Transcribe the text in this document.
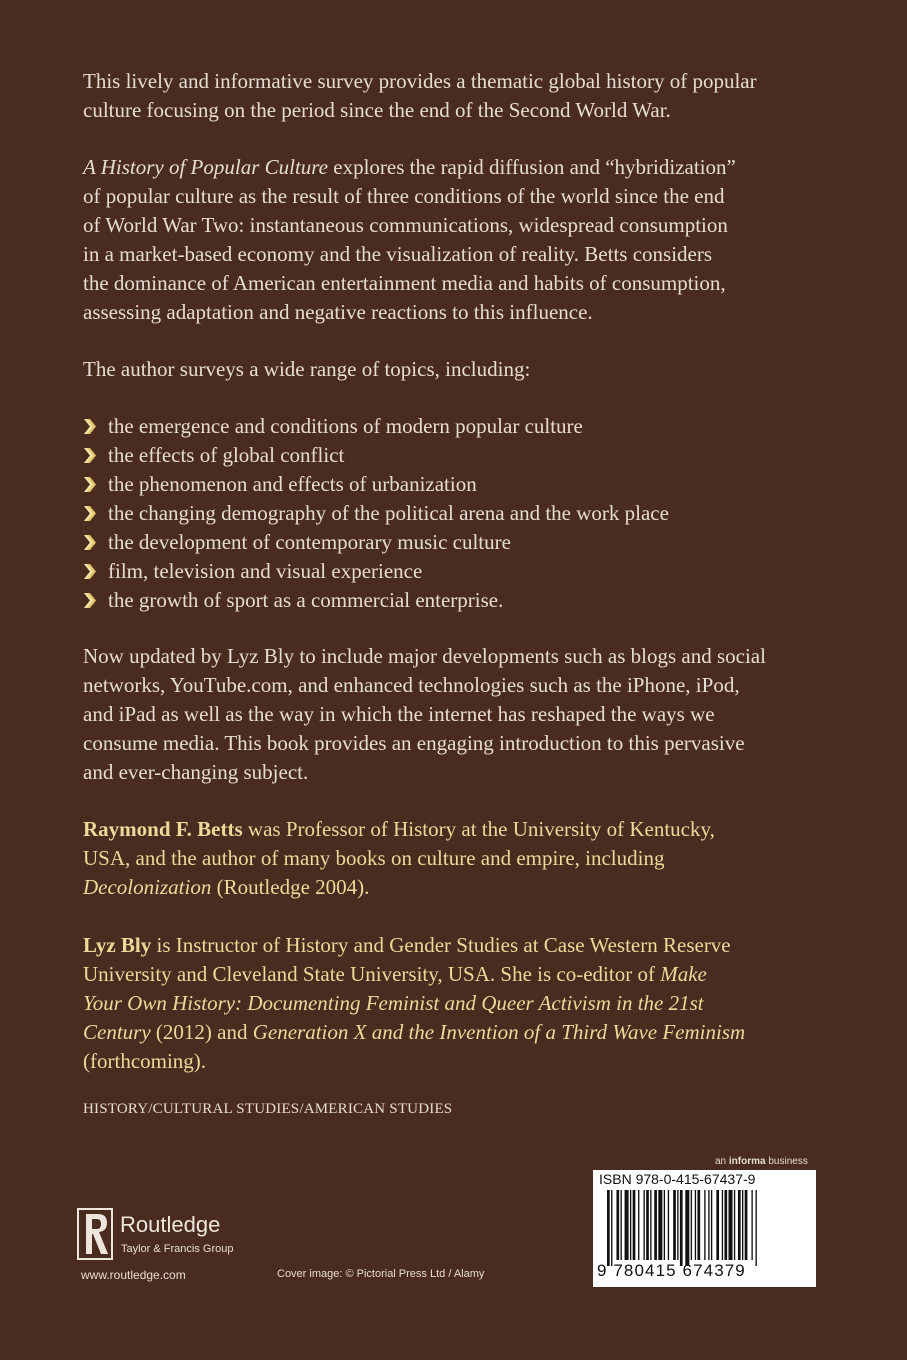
This lively and informative survey provides a thematic global history of popular

culture focusing on the period since the end of the Second World War.

A History of Popular Culture explores the rapid diffusion and “hybridization”

of popular culture as the result of three conditions of the world since the end

of World War Two: instantaneous communications, widespread consumption

in a market-based economy and the visualization of reality. Betts considers

the dominance of American entertainment media and habits of consumption,

assessing adaptation and negative reactions to this influence.

The author surveys a wide range of topics, including:

the emergence and conditions of modern popular culture
the effects of global conflict
the phenomenon and effects of urbanization
the changing demography of the political arena and the work place
the development of contemporary music culture
film, television and visual experience
the growth of sport as a commercial enterprise.

Now updated by Lyz Bly to include major developments such as blogs and social

networks, YouTube.com, and enhanced technologies such as the iPhone, iPod,

and iPad as well as the way in which the internet has reshaped the ways we

consume media. This book provides an engaging introduction to this pervasive

and ever-changing subject.

Raymond F. Betts was Professor of History at the University of Kentucky,

USA, and the author of many books on culture and empire, including

Decolonization (Routledge 2004).

Lyz Bly is Instructor of History and Gender Studies at Case Western Reserve

University and Cleveland State University, USA. She is co-editor of Make

Your Own History: Documenting Feminist and Queer Activism in the 21st

Century (2012) and Generation X and the Invention of a Third Wave Feminism

(forthcoming).

HISTORY/CULTURAL STUDIES/AMERICAN STUDIES
Routledge
Taylor & Francis Group
www.routledge.com	Cover image: © Pictorial Press Ltd / Alamy
an informa business
ISBN 978-0-415-67437-9
9 780415 674379
